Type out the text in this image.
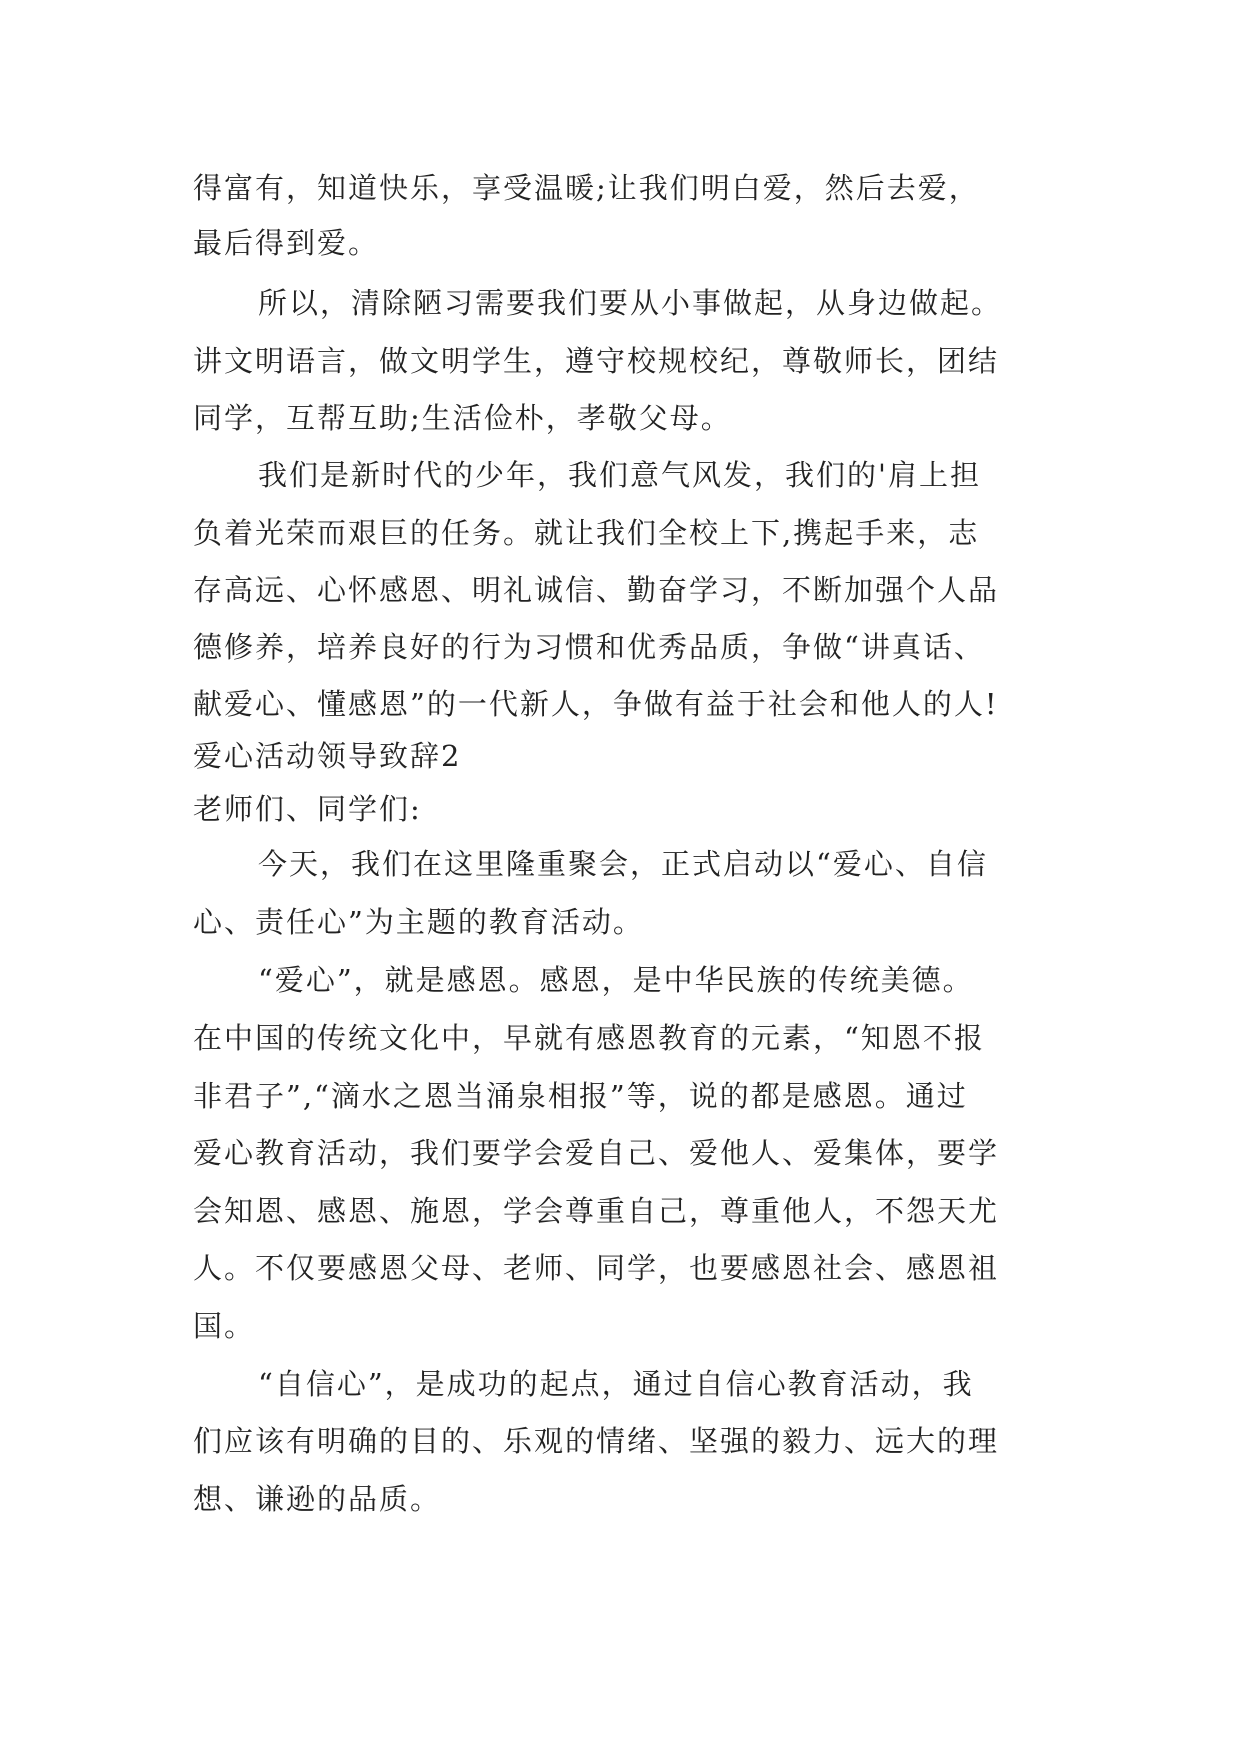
得富有，知道快乐，享受温暖;让我们明白爱，然后去爱，
最后得到爱。
所以，清除陋习需要我们要从小事做起，从身边做起。
讲文明语言，做文明学生，遵守校规校纪，尊敬师长，团结
同学，互帮互助;生活俭朴，孝敬父母。
我们是新时代的少年，我们意气风发，我们的'肩上担
负着光荣而艰巨的任务。就让我们全校上下,携起手来，志
存高远、心怀感恩、明礼诚信、勤奋学习，不断加强个人品
德修养，培养良好的行为习惯和优秀品质，争做“讲真话、
献爱心、懂感恩”的一代新人，争做有益于社会和他人的人!
爱心活动领导致辞2
老师们、同学们:
今天，我们在这里隆重聚会，正式启动以“爱心、自信
心、责任心”为主题的教育活动。
“爱心”，就是感恩。感恩，是中华民族的传统美德。
在中国的传统文化中，早就有感恩教育的元素，“知恩不报
非君子”,“滴水之恩当涌泉相报”等，说的都是感恩。通过
爱心教育活动，我们要学会爱自己、爱他人、爱集体，要学
会知恩、感恩、施恩，学会尊重自己，尊重他人，不怨天尤
人。不仅要感恩父母、老师、同学，也要感恩社会、感恩祖
国。
“自信心”，是成功的起点，通过自信心教育活动，我
们应该有明确的目的、乐观的情绪、坚强的毅力、远大的理
想、谦逊的品质。
